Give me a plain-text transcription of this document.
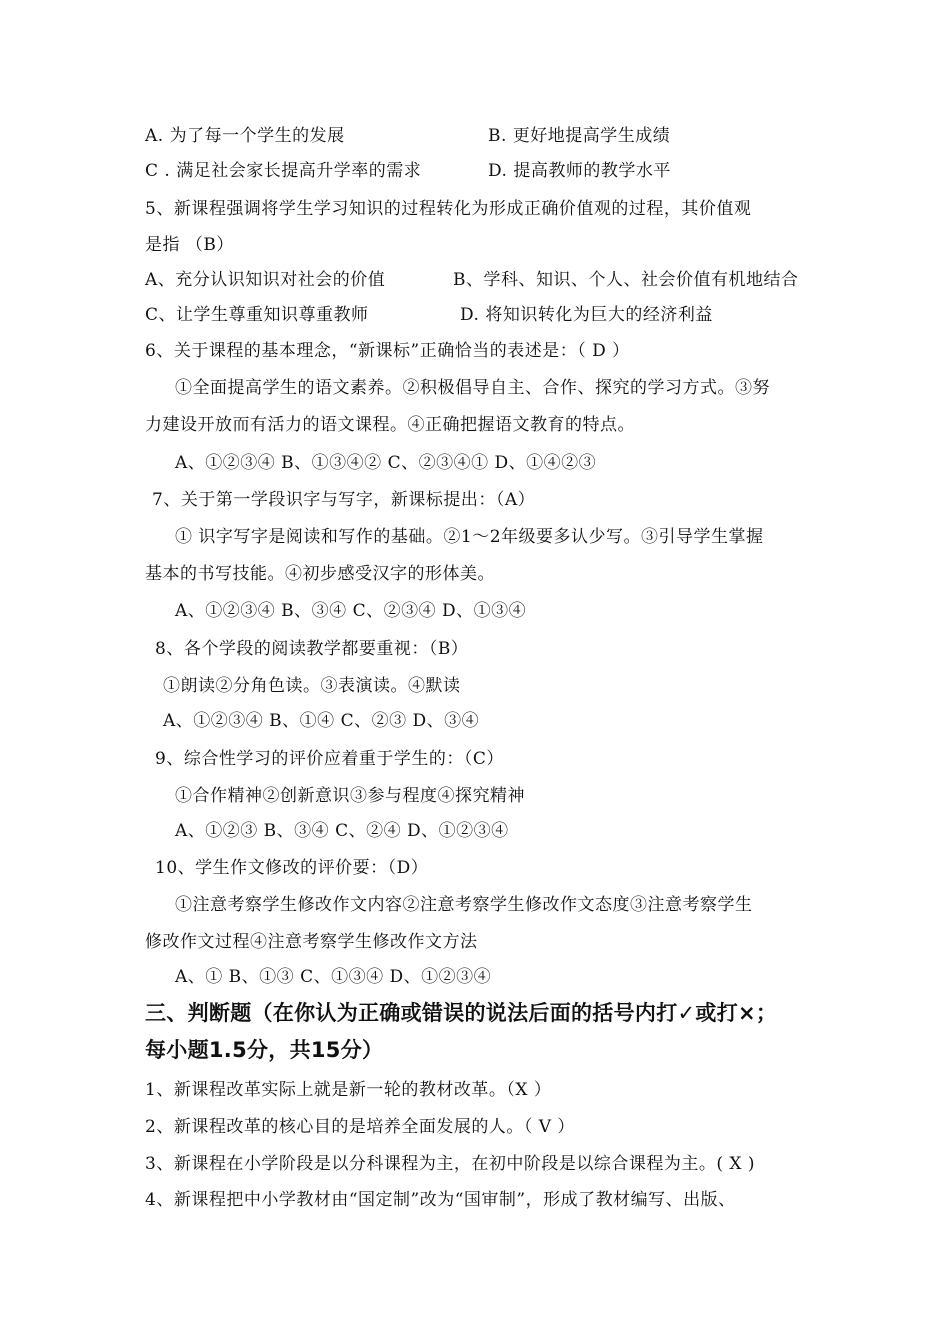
A. 为了每一个学生的发展	B. 更好地提高学生成绩
C . 满足社会家长提高升学率的需求	D. 提高教师的教学水平
5、新课程强调将学生学习知识的过程转化为形成正确价值观的过程，其价值观
是指 （B）
A、充分认识知识对社会的价值	B、学科、知识、个人、社会价值有机地结合
C、让学生尊重知识尊重教师	D. 将知识转化为巨大的经济利益
6、关于课程的基本理念，“新课标”正确恰当的表述是：（ D ）
①全面提高学生的语文素养。②积极倡导自主、合作、探究的学习方式。③努
力建设开放而有活力的语文课程。④正确把握语文教育的特点。
A、①②③④ B、①③④② C、②③④① D、①④②③
7、关于第一学段识字与写字，新课标提出：（A）
① 识字写字是阅读和写作的基础。②1～2年级要多认少写。③引导学生掌握
基本的书写技能。④初步感受汉字的形体美。
A、①②③④ B、③④ C、②③④ D、①③④
8、各个学段的阅读教学都要重视：（B）
①朗读②分角色读。③表演读。④默读
A、①②③④ B、①④ C、②③ D、③④
9、综合性学习的评价应着重于学生的：（C）
①合作精神②创新意识③参与程度④探究精神
A、①②③ B、③④ C、②④ D、①②③④
10、学生作文修改的评价要：（D）
①注意考察学生修改作文内容②注意考察学生修改作文态度③注意考察学生
修改作文过程④注意考察学生修改作文方法
A、① B、①③ C、①③④ D、①②③④
三、判断题（在你认为正确或错误的说法后面的括号内打✓或打×；
每小题1.5分，共15分）
1、新课程改革实际上就是新一轮的教材改革。（X ）
2、新课程改革的核心目的是培养全面发展的人。（ V ）
3、新课程在小学阶段是以分科课程为主，在初中阶段是以综合课程为主。( X )
4、新课程把中小学教材由“国定制”改为“国审制”，形成了教材编写、出版、
